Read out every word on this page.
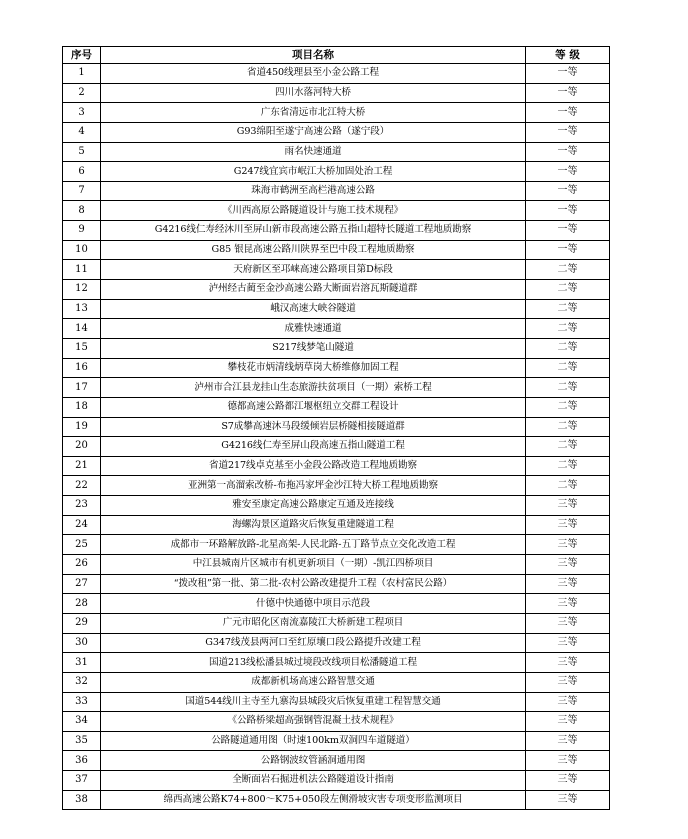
序号	项目名称	等 级
1	省道450线理县至小金公路工程	一等
2	四川水落河特大桥	一等
3	广东省清远市北江特大桥	一等
4	G93绵阳至遂宁高速公路（遂宁段）	一等
5	雨名快速通道	一等
6	G247线宜宾市岷江大桥加固处治工程	一等
7	珠海市鹤洲至高栏港高速公路	一等
8	《川西高原公路隧道设计与施工技术规程》	一等
9	G4216线仁寿经沐川至屏山新市段高速公路五指山超特长隧道工程地质勘察	一等
10	G85 银昆高速公路川陕界至巴中段工程地质勘察	一等
11	天府新区至邛崃高速公路项目第D标段	二等
12	泸州经古蔺至金沙高速公路大断面岩溶瓦斯隧道群	二等
13	峨汉高速大峡谷隧道	二等
14	成雅快速通道	二等
15	S217线梦笔山隧道	二等
16	攀枝花市炳清线炳草岗大桥维修加固工程	二等
17	泸州市合江县龙挂山生态旅游扶贫项目（一期）索桥工程	二等
18	德都高速公路都江堰枢纽立交群工程设计	二等
19	S7成攀高速沐马段缓倾岩层桥隧相接隧道群	二等
20	G4216线仁寿至屏山段高速五指山隧道工程	二等
21	省道217线卓克基至小金段公路改造工程地质勘察	二等
22	亚洲第一高溜索改桥-布拖冯家坪金沙江特大桥工程地质勘察	二等
23	雅安至康定高速公路康定互通及连接线	三等
24	海螺沟景区道路灾后恢复重建隧道工程	三等
25	成都市一环路解放路-北星高架-人民北路-五丁路节点立交化改造工程	三等
26	中江县城南片区城市有机更新项目（一期）-凯江四桥项目	三等
27	“拨改租”第一批、第二批-农村公路改建提升工程（农村富民公路）	三等
28	什德中快通德中项目示范段	三等
29	广元市昭化区南流嘉陵江大桥新建工程项目	三等
30	G347线茂县两河口至红原壤口段公路提升改建工程	三等
31	国道213线松潘县城过境段改线项目松潘隧道工程	三等
32	成都新机场高速公路智慧交通	三等
33	国道544线川主寺至九寨沟县城段灾后恢复重建工程智慧交通	三等
34	《公路桥梁超高强钢管混凝土技术规程》	三等
35	公路隧道通用图（时速100km双洞四车道隧道）	三等
36	公路钢波纹管涵洞通用图	三等
37	全断面岩石掘进机法公路隧道设计指南	三等
38	绵西高速公路K74+800～K75+050段左侧滑坡灾害专项变形监测项目	三等
